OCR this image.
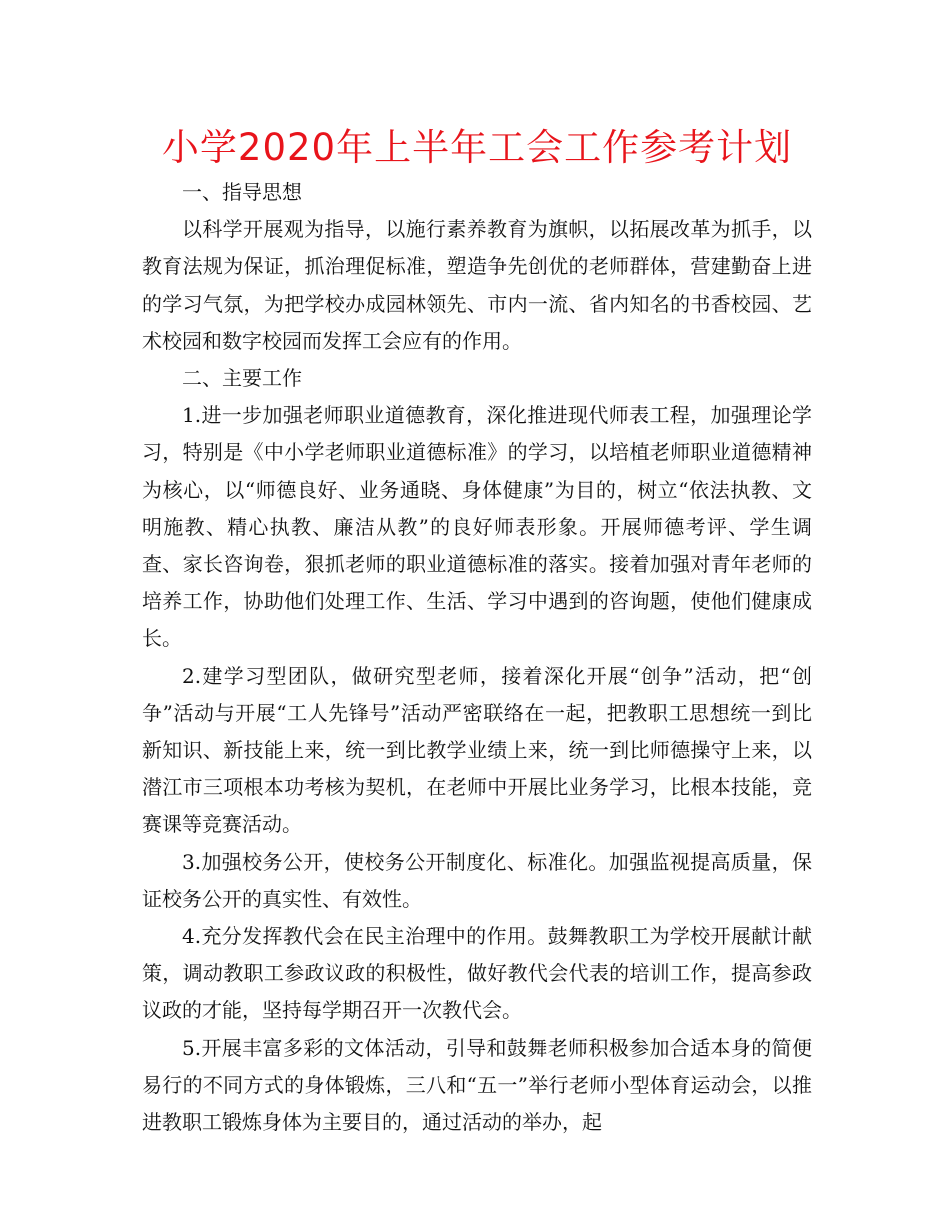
小学2020年上半年工会工作参考计划

一、指导思想

以科学开展观为指导，以施行素养教育为旗帜，以拓展改革为抓手，以教育法规为保证，抓治理促标准，塑造争先创优的老师群体，营建勤奋上进的学习气氛，为把学校办成园林领先、市内一流、省内知名的书香校园、艺术校园和数字校园而发挥工会应有的作用。

二、主要工作

1.进一步加强老师职业道德教育，深化推进现代师表工程，加强理论学习，特别是《中小学老师职业道德标准》的学习，以培植老师职业道德精神为核心，以“师德良好、业务通晓、身体健康”为目的，树立“依法执教、文明施教、精心执教、廉洁从教”的良好师表形象。开展师德考评、学生调查、家长咨询卷，狠抓老师的职业道德标准的落实。接着加强对青年老师的培养工作，协助他们处理工作、生活、学习中遇到的咨询题，使他们健康成长。

2.建学习型团队，做研究型老师，接着深化开展“创争”活动，把“创争”活动与开展“工人先锋号”活动严密联络在一起，把教职工思想统一到比新知识、新技能上来，统一到比教学业绩上来，统一到比师德操守上来，以潜江市三项根本功考核为契机，在老师中开展比业务学习，比根本技能，竞赛课等竞赛活动。

3.加强校务公开，使校务公开制度化、标准化。加强监视提高质量，保证校务公开的真实性、有效性。

4.充分发挥教代会在民主治理中的作用。鼓舞教职工为学校开展献计献策，调动教职工参政议政的积极性，做好教代会代表的培训工作，提高参政议政的才能，坚持每学期召开一次教代会。

5.开展丰富多彩的文体活动，引导和鼓舞老师积极参加合适本身的简便易行的不同方式的身体锻炼，三八和“五一”举行老师小型体育运动会，以推进教职工锻炼身体为主要目的，通过活动的举办，起
